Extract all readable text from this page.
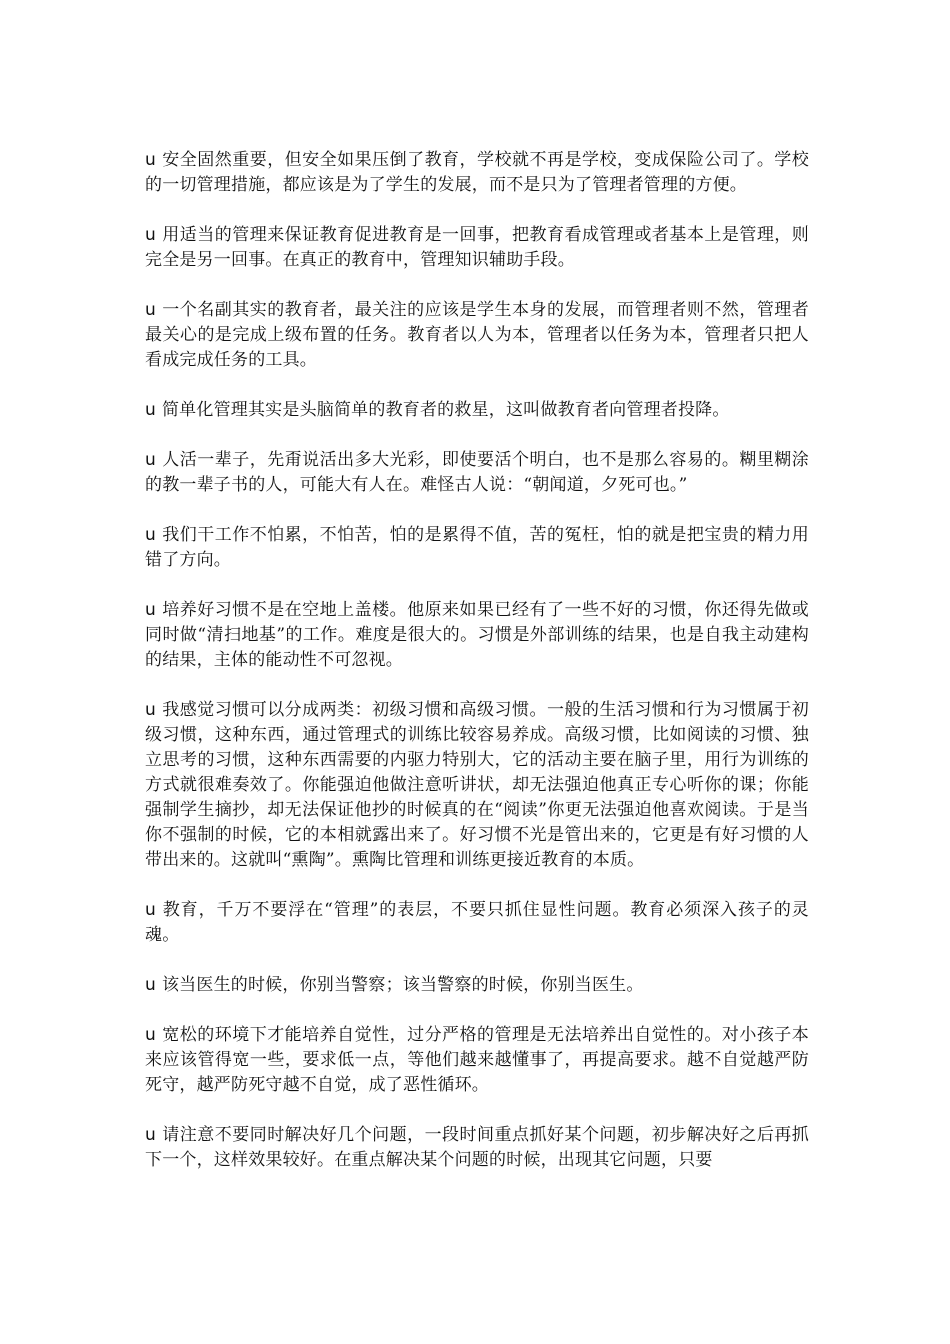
u 安全固然重要，但安全如果压倒了教育，学校就不再是学校，变成保险公司了。学校的一切管理措施，都应该是为了学生的发展，而不是只为了管理者管理的方便。

u 用适当的管理来保证教育促进教育是一回事，把教育看成管理或者基本上是管理，则完全是另一回事。在真正的教育中，管理知识辅助手段。

u 一个名副其实的教育者，最关注的应该是学生本身的发展，而管理者则不然，管理者最关心的是完成上级布置的任务。教育者以人为本，管理者以任务为本，管理者只把人看成完成任务的工具。

u 简单化管理其实是头脑简单的教育者的救星，这叫做教育者向管理者投降。

u 人活一辈子，先甭说活出多大光彩，即使要活个明白，也不是那么容易的。糊里糊涂的教一辈子书的人，可能大有人在。难怪古人说：“朝闻道，夕死可也。”

u 我们干工作不怕累，不怕苦，怕的是累得不值，苦的冤枉，怕的就是把宝贵的精力用错了方向。

u 培养好习惯不是在空地上盖楼。他原来如果已经有了一些不好的习惯，你还得先做或同时做“清扫地基”的工作。难度是很大的。习惯是外部训练的结果，也是自我主动建构的结果，主体的能动性不可忽视。

u 我感觉习惯可以分成两类：初级习惯和高级习惯。一般的生活习惯和行为习惯属于初级习惯，这种东西，通过管理式的训练比较容易养成。高级习惯，比如阅读的习惯、独立思考的习惯，这种东西需要的内驱力特别大，它的活动主要在脑子里，用行为训练的方式就很难奏效了。你能强迫他做注意听讲状，却无法强迫他真正专心听你的课；你能强制学生摘抄，却无法保证他抄的时候真的在“阅读”你更无法强迫他喜欢阅读。于是当你不强制的时候，它的本相就露出来了。好习惯不光是管出来的，它更是有好习惯的人带出来的。这就叫“熏陶”。熏陶比管理和训练更接近教育的本质。

u 教育，千万不要浮在“管理”的表层，不要只抓住显性问题。教育必须深入孩子的灵魂。

u 该当医生的时候，你别当警察；该当警察的时候，你别当医生。

u 宽松的环境下才能培养自觉性，过分严格的管理是无法培养出自觉性的。对小孩子本来应该管得宽一些，要求低一点，等他们越来越懂事了，再提高要求。越不自觉越严防死守，越严防死守越不自觉，成了恶性循环。

u 请注意不要同时解决好几个问题，一段时间重点抓好某个问题，初步解决好之后再抓下一个，这样效果较好。在重点解决某个问题的时候，出现其它问题，只要
